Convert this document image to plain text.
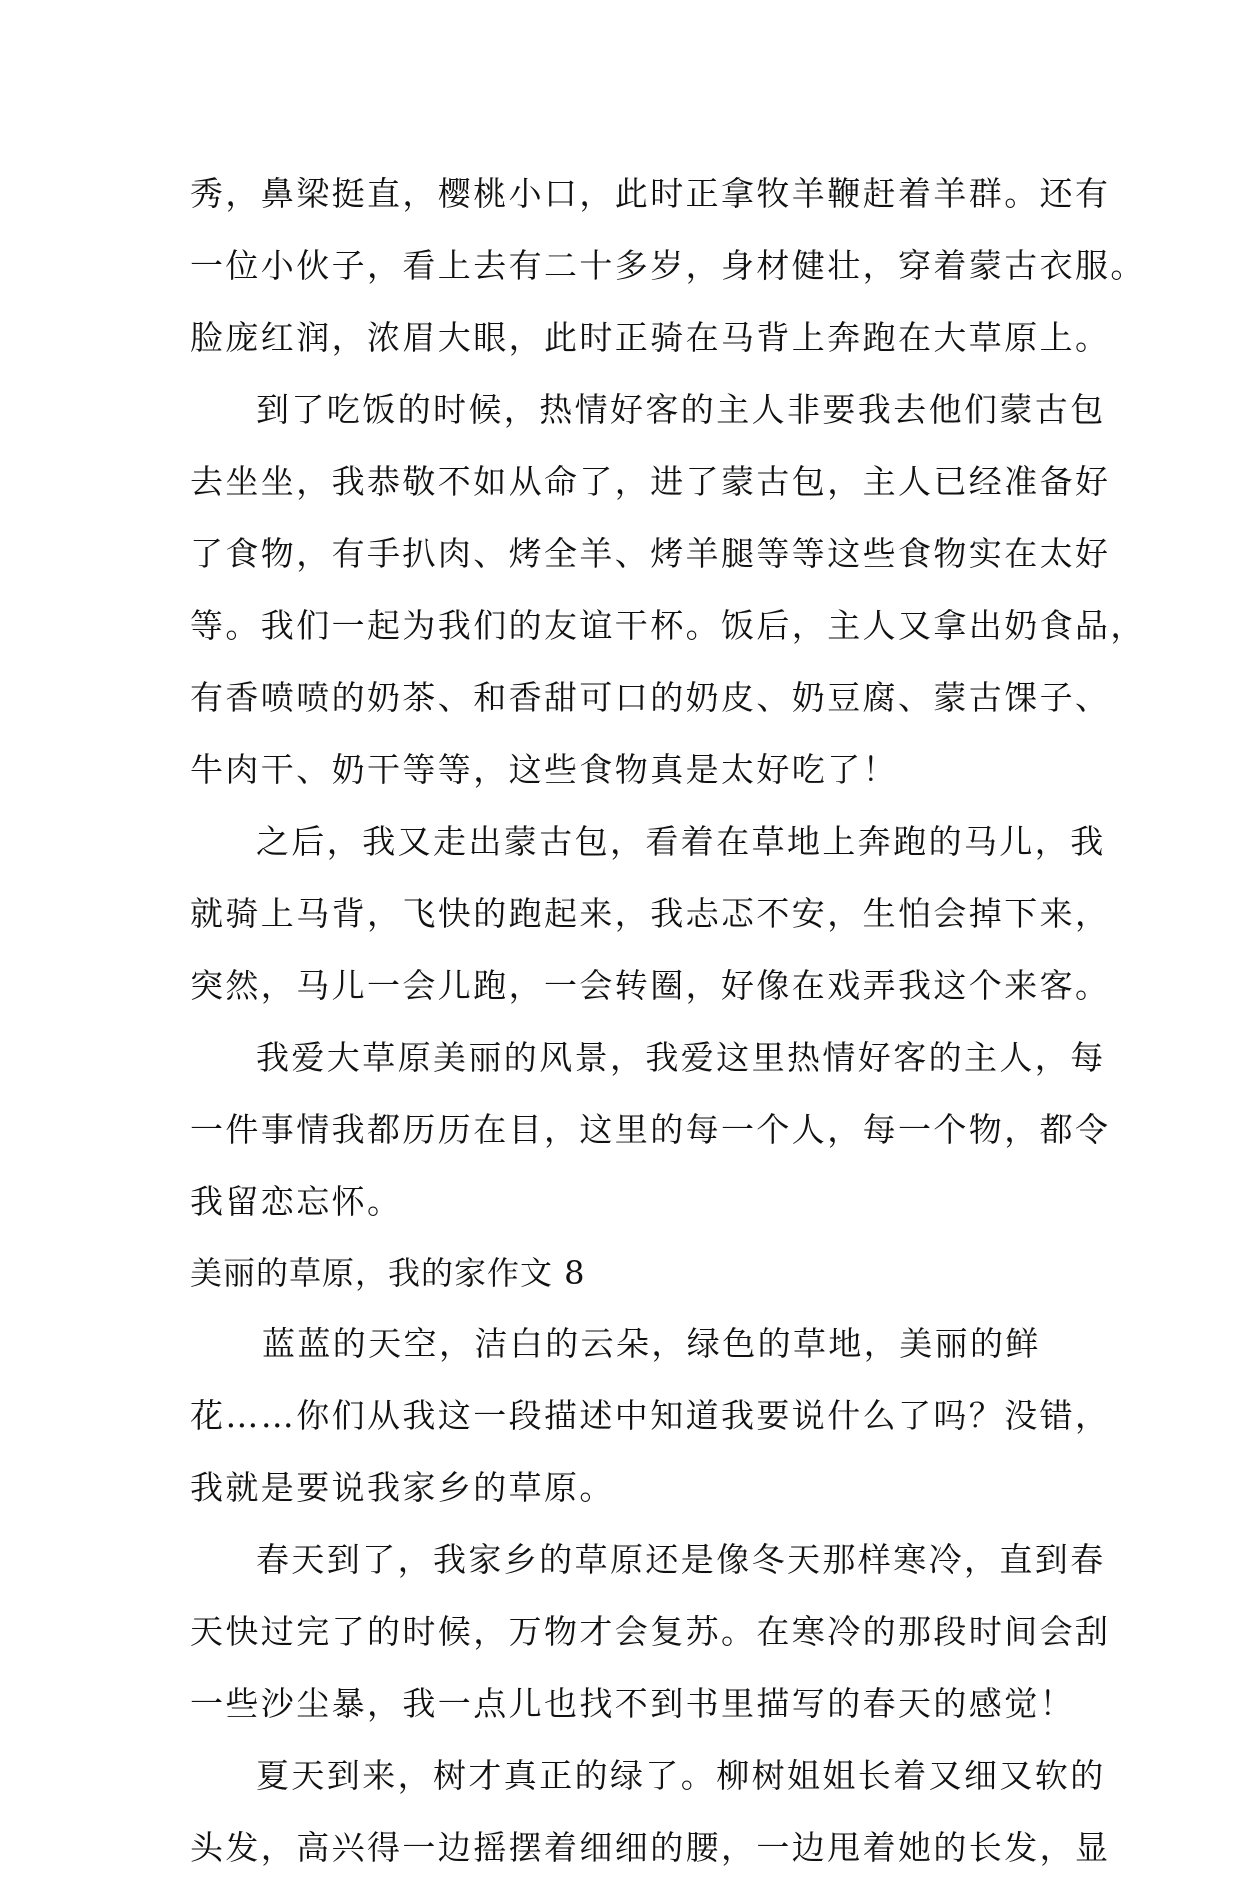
秀，鼻梁挺直，樱桃小口，此时正拿牧羊鞭赶着羊群。还有
一位小伙子，看上去有二十多岁，身材健壮，穿着蒙古衣服。
脸庞红润，浓眉大眼，此时正骑在马背上奔跑在大草原上。
到了吃饭的时候，热情好客的主人非要我去他们蒙古包
去坐坐，我恭敬不如从命了，进了蒙古包，主人已经准备好
了食物，有手扒肉、烤全羊、烤羊腿等等这些食物实在太好
等。我们一起为我们的友谊干杯。饭后，主人又拿出奶食品，
有香喷喷的奶茶、和香甜可口的奶皮、奶豆腐、蒙古馃子、
牛肉干、奶干等等，这些食物真是太好吃了！
之后，我又走出蒙古包，看着在草地上奔跑的马儿，我
就骑上马背，飞快的跑起来，我忐忑不安，生怕会掉下来，
突然，马儿一会儿跑，一会转圈，好像在戏弄我这个来客。
我爱大草原美丽的风景，我爱这里热情好客的主人，每
一件事情我都历历在目，这里的每一个人，每一个物，都令
我留恋忘怀。
美丽的草原，我的家作文 8
蓝蓝的天空，洁白的云朵，绿色的草地，美丽的鲜
花……你们从我这一段描述中知道我要说什么了吗？没错，
我就是要说我家乡的草原。
春天到了，我家乡的草原还是像冬天那样寒冷，直到春
天快过完了的时候，万物才会复苏。在寒冷的那段时间会刮
一些沙尘暴，我一点儿也找不到书里描写的春天的感觉！
夏天到来，树才真正的绿了。柳树姐姐长着又细又软的
头发，高兴得一边摇摆着细细的腰，一边甩着她的长发，显
